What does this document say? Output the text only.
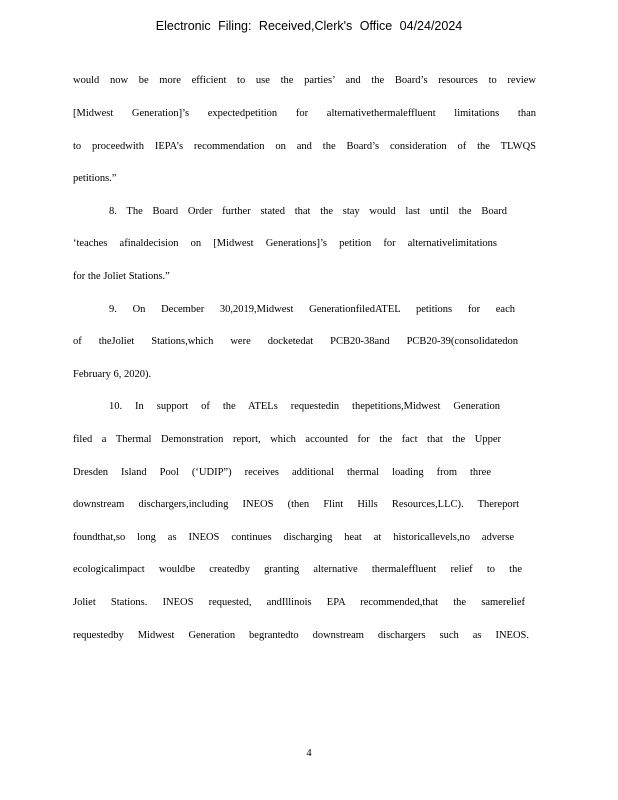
Electronic Filing: Received,Clerk's Office 04/24/2024
would now be more efficient to use the parties’ and the Board’s resources to review
[Midwest Generation]’s expectedpetition for alternativethermaleffluent limitations than
to proceedwith IEPA’s recommendation on and the Board’s consideration of the TLWQS
petitions.”
8. The Board Order further stated that the stay would last until the Board
‘teaches afinaldecision on [Midwest Generations]’s petition for alternativelimitations
for the Joliet Stations.”
9. On December 30,2019,Midwest GenerationfiledATEL petitions for each
of theJoliet Stations,which were docketedat PCB20-38and PCB20-39(consolidatedon
February 6, 2020).
10. In support of the ATELs requestedin thepetitions,Midwest Generation
filed a Thermal Demonstration report, which accounted for the fact that the Upper
Dresden Island Pool (‘UDIP”) receives additional thermal loading from three
downstream dischargers,including INEOS (then Flint Hills Resources,LLC). Thereport
foundthat,so long as INEOS continues discharging heat at historicallevels,no adverse
ecologicalimpact wouldbe createdby granting alternative thermaleffluent relief to the
Joliet Stations. INEOS requested, andIllinois EPA recommended,that the samerelief
requestedby Midwest Generation begrantedto downstream dischargers such as INEOS.
4
